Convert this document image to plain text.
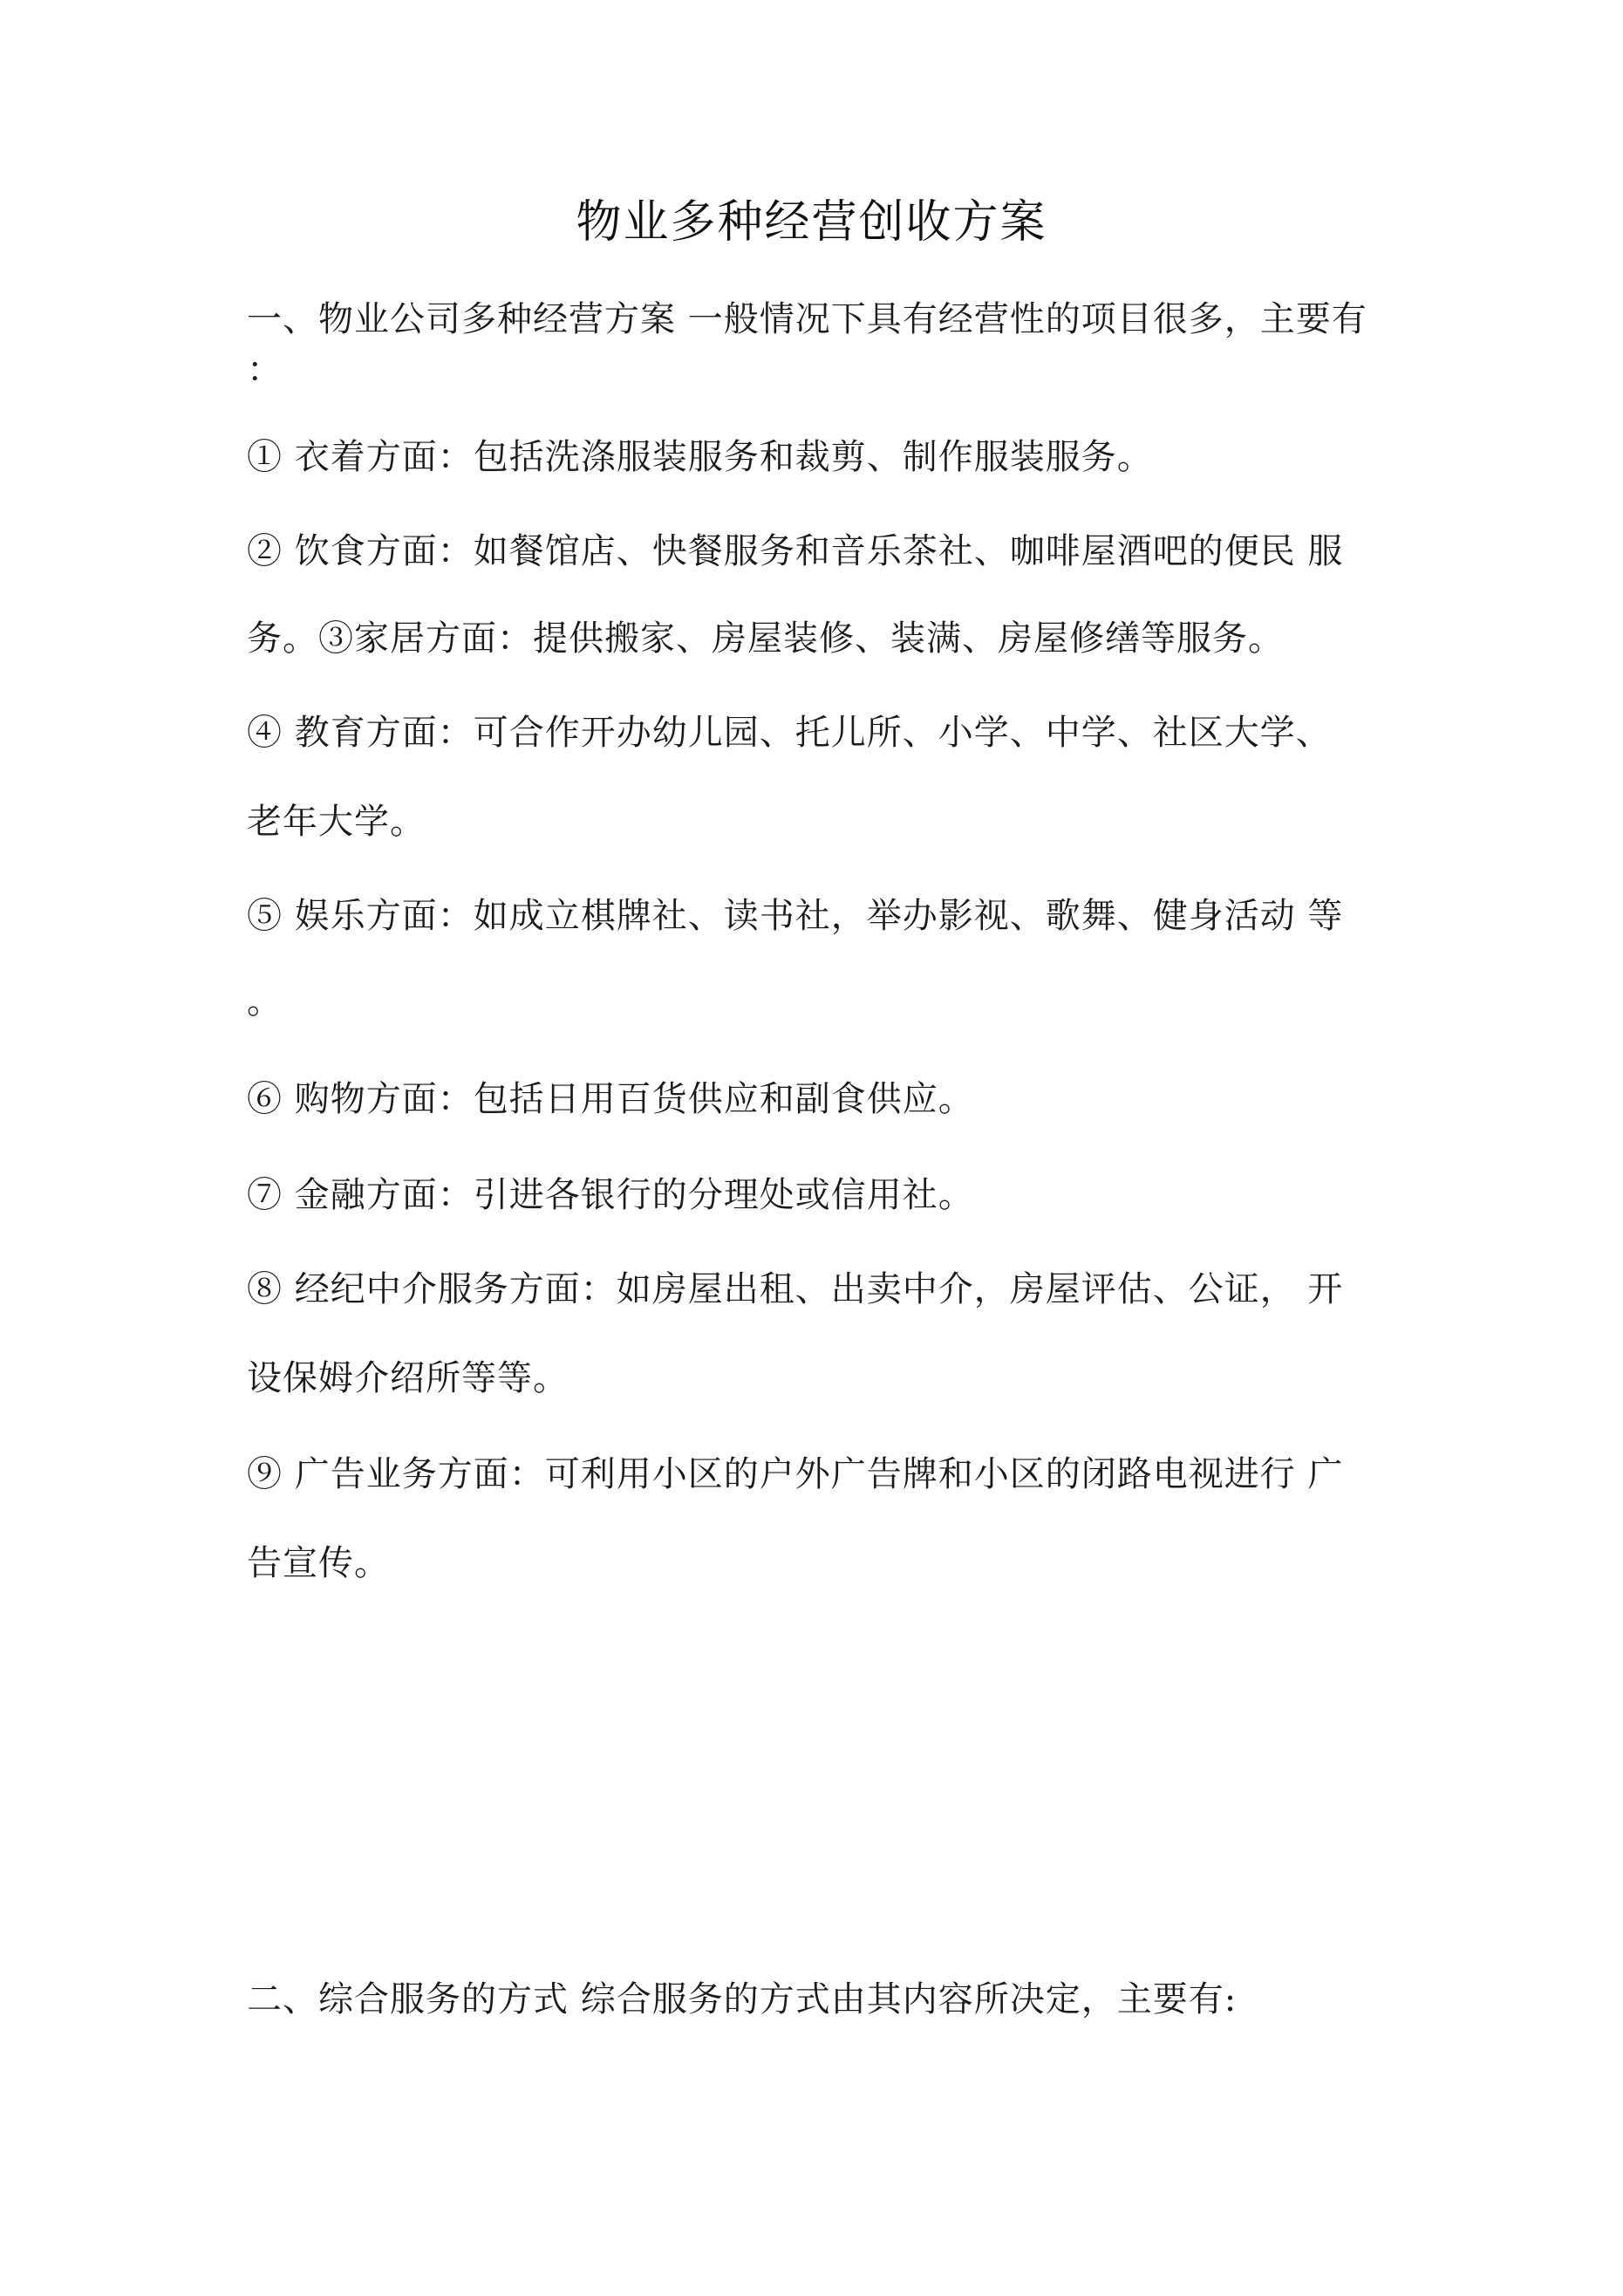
物业多种经营创收方案
一、物业公司多种经营方案 一般情况下具有经营性的项目很多，主要有
：
① 衣着方面：包括洗涤服装服务和裁剪、制作服装服务。
② 饮食方面：如餐馆店、快餐服务和音乐茶社、咖啡屋酒吧的便民 服
务。③家居方面：提供搬家、房屋装修、装满、房屋修缮等服务。
④ 教育方面：可合作开办幼儿园、托儿所、小学、中学、社区大学、
老年大学。
⑤ 娱乐方面：如成立棋牌社、读书社，举办影视、歌舞、健身活动 等
。
⑥ 购物方面：包括日用百货供应和副食供应。
⑦ 金融方面：引进各银行的分理处或信用社。
⑧ 经纪中介服务方面：如房屋出租、出卖中介，房屋评估、公证， 开
设保姆介绍所等等。
⑨ 广告业务方面：可利用小区的户外广告牌和小区的闭路电视进行 广
告宣传。
二、综合服务的方式 综合服务的方式由其内容所决定，主要有:
